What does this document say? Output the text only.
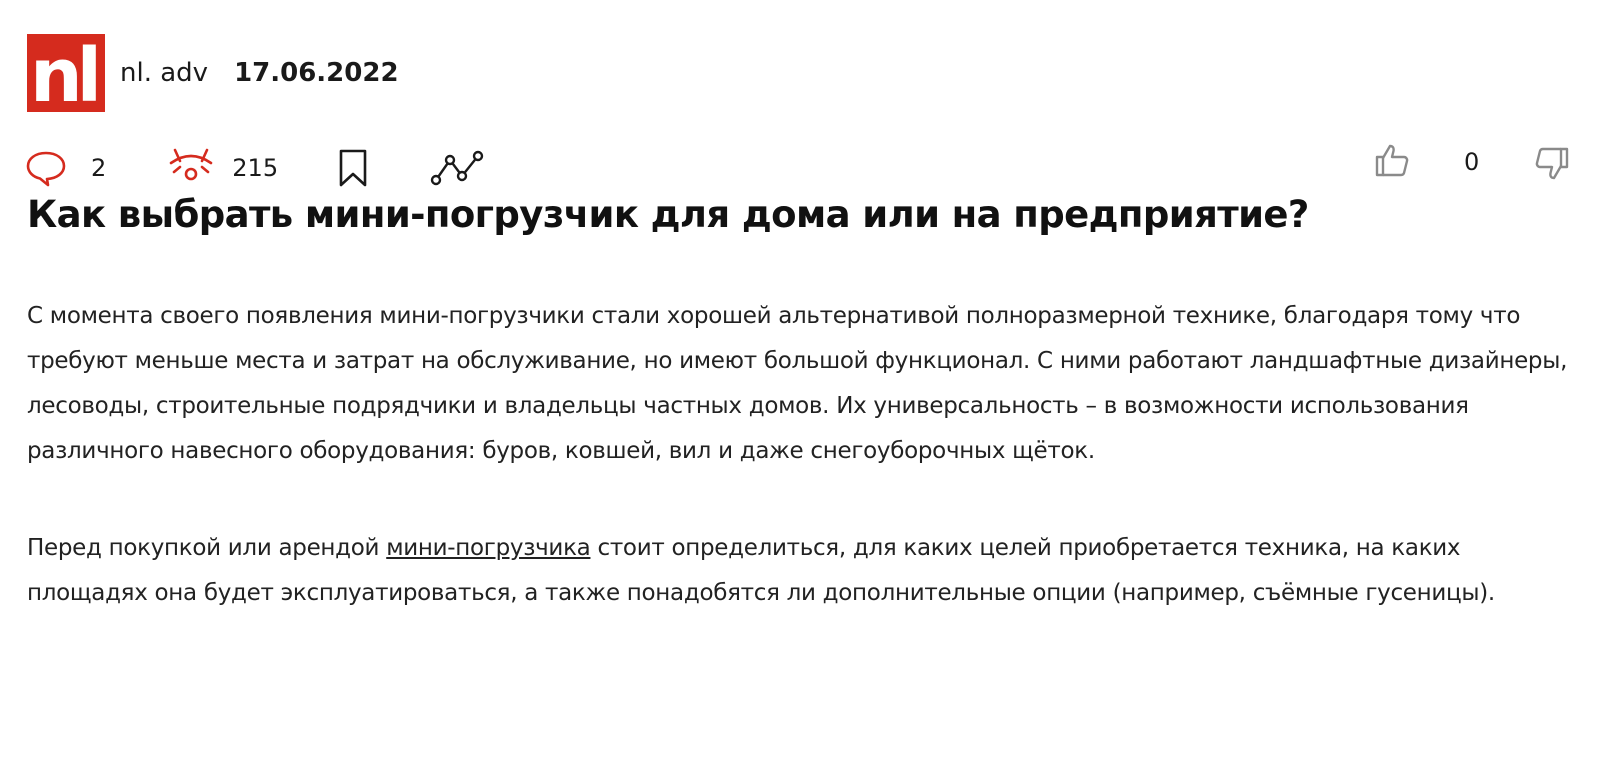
nl nl. adv 17.06.2022
2	215	0
Как выбрать мини-погрузчик для дома или на предприятие?

С момента своего появления мини-погрузчики стали хорошей альтернативой полноразмерной технике, благодаря тому что требуют меньше места и затрат на обслуживание, но имеют большой функционал. С ними работают ландшафтные дизайнеры, лесоводы, строительные подрядчики и владельцы частных домов. Их универсальность – в возможности использования различного навесного оборудования: буров, ковшей, вил и даже снегоуборочных щёток.

Перед покупкой или арендой мини-погрузчика стоит определиться, для каких целей приобретается техника, на каких площадях она будет эксплуатироваться, а также понадобятся ли дополнительные опции (например, съёмные гусеницы).
